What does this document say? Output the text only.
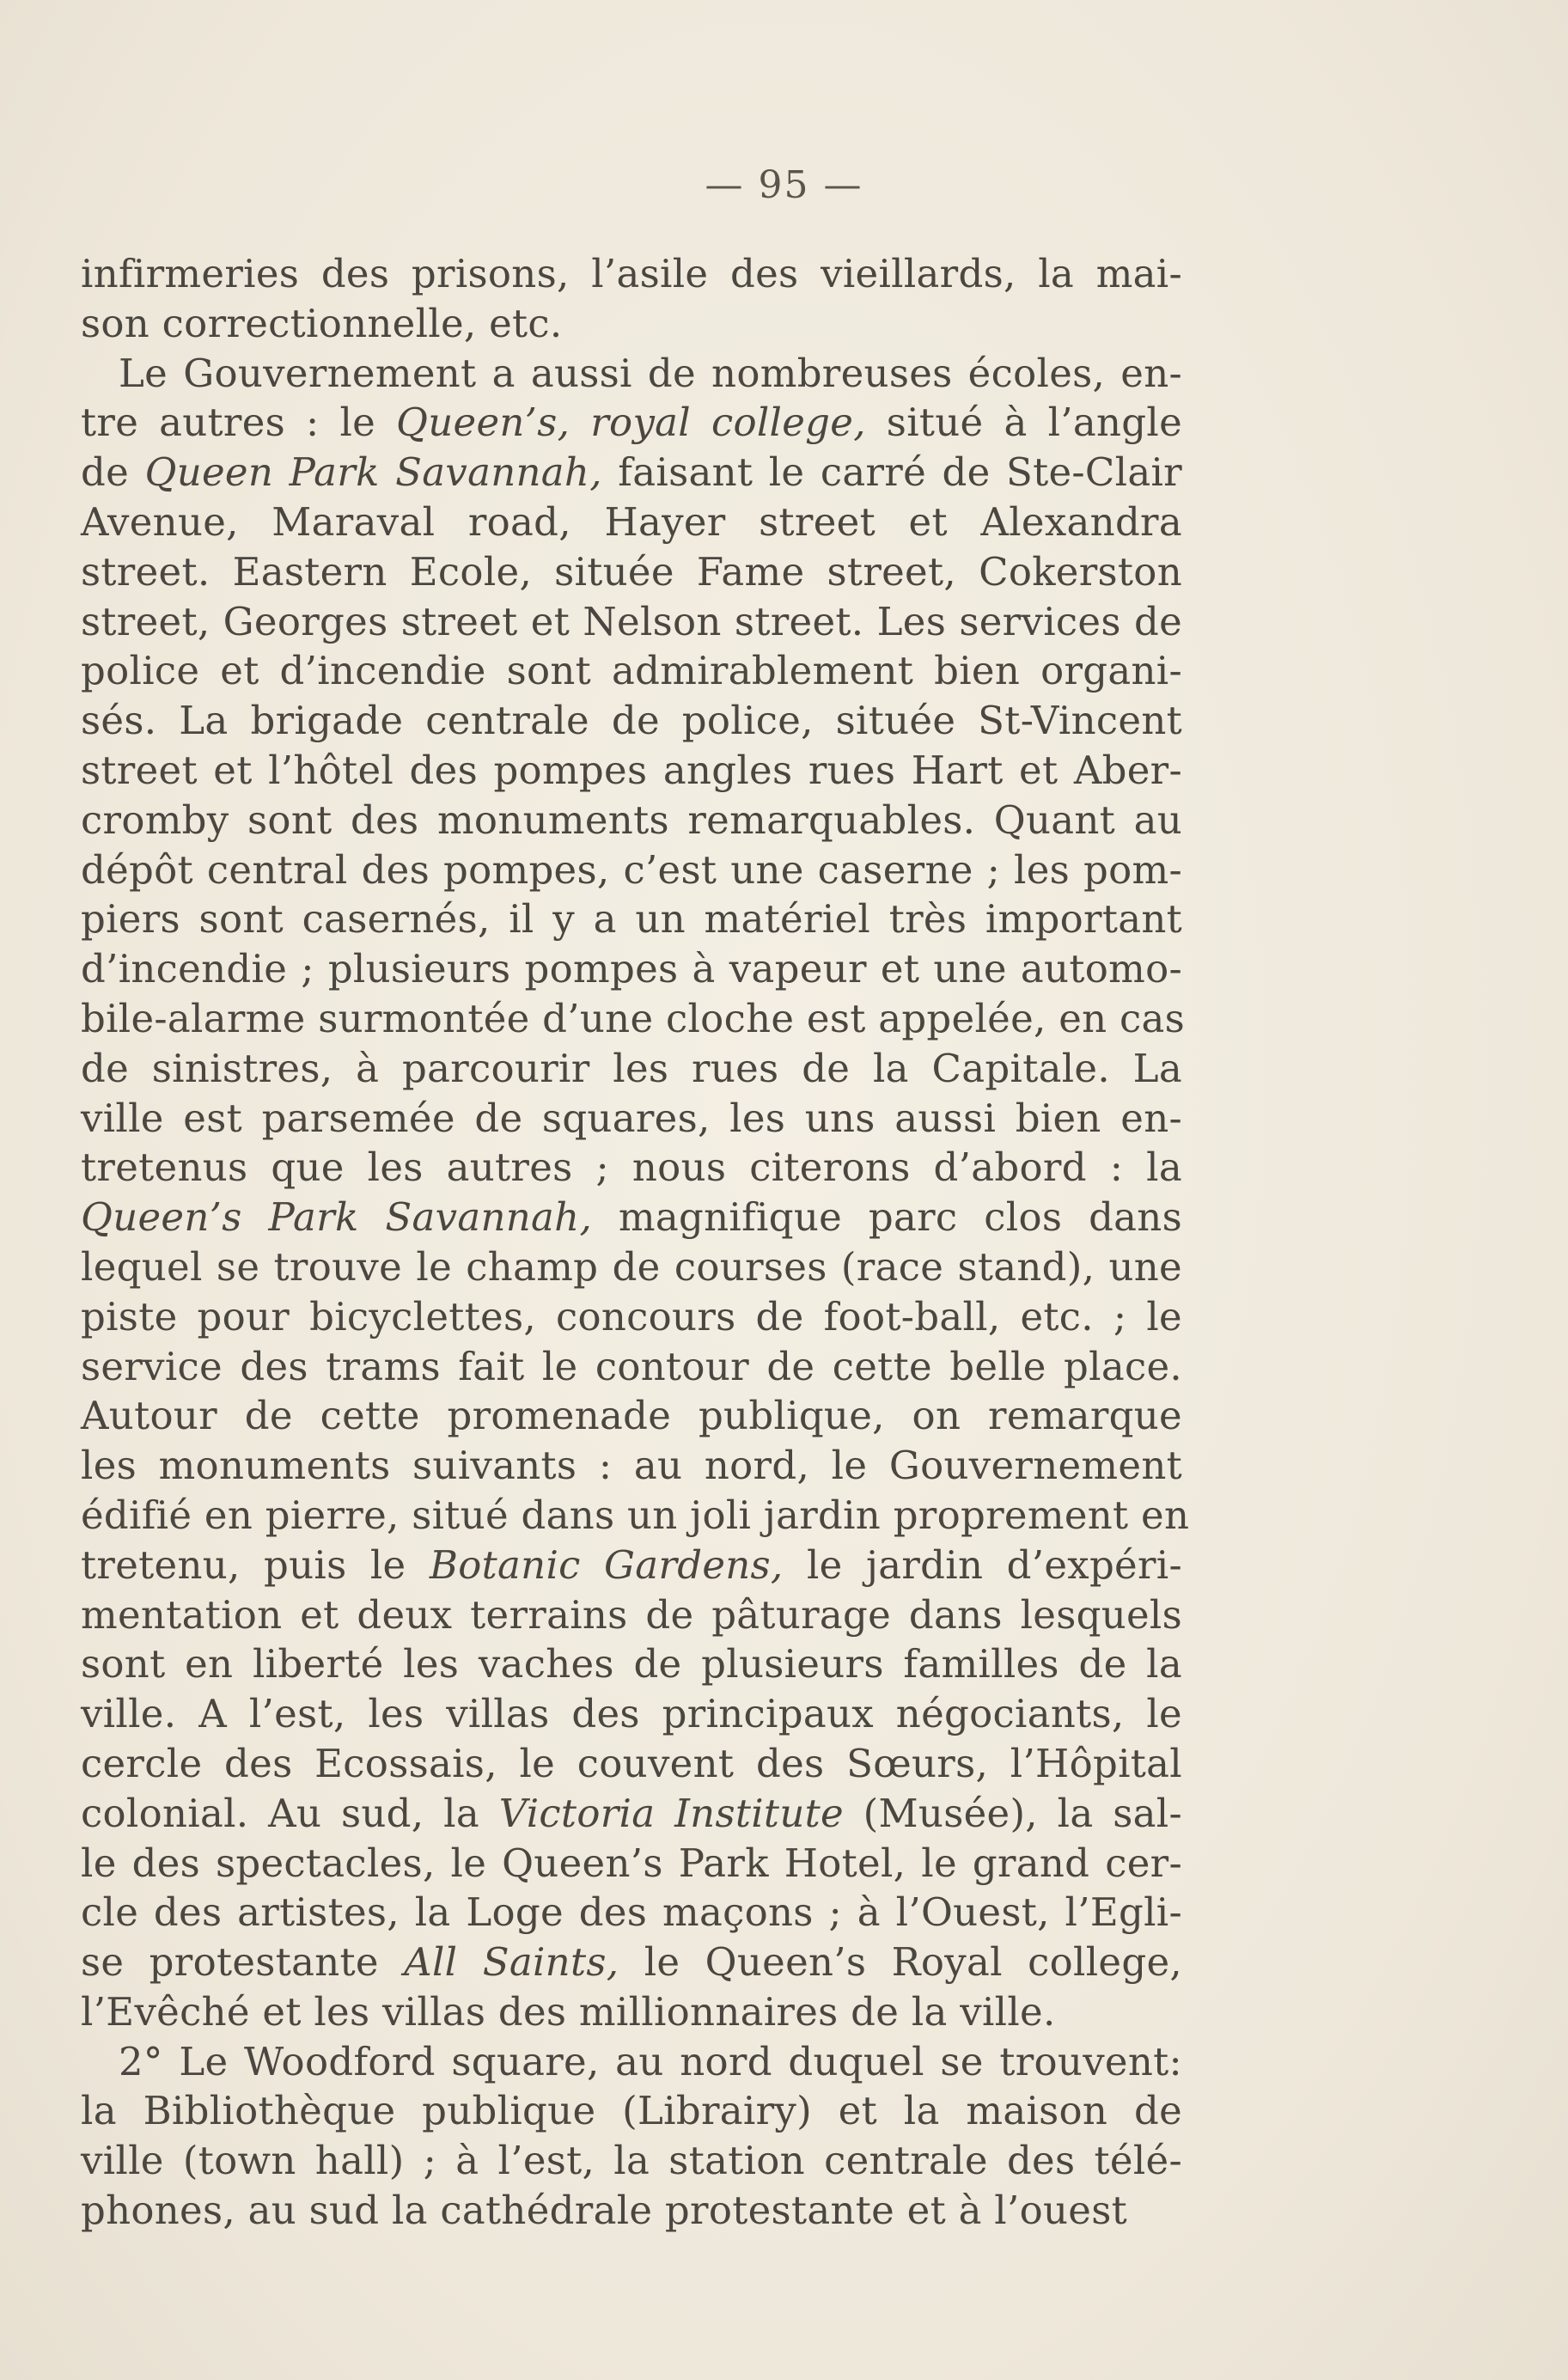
— 95 —
infirmeries des prisons, l’asile des vieillards, la mai-
son correctionnelle, etc.
Le Gouvernement a aussi de nombreuses écoles, en-
tre autres : le Queen’s, royal college, situé à l’angle
de Queen Park Savannah, faisant le carré de Ste-Clair
Avenue, Maraval road, Hayer street et Alexandra
street. Eastern Ecole, située Fame street, Cokerston
street, Georges street et Nelson street. Les services de
police et d’incendie sont admirablement bien organi-
sés. La brigade centrale de police, située St-Vincent
street et l’hôtel des pompes angles rues Hart et Aber-
cromby sont des monuments remarquables. Quant au
dépôt central des pompes, c’est une caserne ; les pom-
piers sont casernés, il y a un matériel très important
d’incendie ; plusieurs pompes à vapeur et une automo-
bile-alarme surmontée d’une cloche est appelée, en cas
de sinistres, à parcourir les rues de la Capitale. La
ville est parsemée de squares, les uns aussi bien en-
tretenus que les autres ; nous citerons d’abord : la
Queen’s Park Savannah, magnifique parc clos dans
lequel se trouve le champ de courses (race stand), une
piste pour bicyclettes, concours de foot-ball, etc. ; le
service des trams fait le contour de cette belle place.
Autour de cette promenade publique, on remarque
les monuments suivants : au nord, le Gouvernement
édifié en pierre, situé dans un joli jardin proprement en
tretenu, puis le Botanic Gardens, le jardin d’expéri-
mentation et deux terrains de pâturage dans lesquels
sont en liberté les vaches de plusieurs familles de la
ville. A l’est, les villas des principaux négociants, le
cercle des Ecossais, le couvent des Sœurs, l’Hôpital
colonial. Au sud, la Victoria Institute (Musée), la sal-
le des spectacles, le Queen’s Park Hotel, le grand cer-
cle des artistes, la Loge des maçons ; à l’Ouest, l’Egli-
se protestante All Saints, le Queen’s Royal college,
l’Evêché et les villas des millionnaires de la ville.
2° Le Woodford square, au nord duquel se trouvent:
la Bibliothèque publique (Librairy) et la maison de
ville (town hall) ; à l’est, la station centrale des télé-
phones, au sud la cathédrale protestante et à l’ouest
